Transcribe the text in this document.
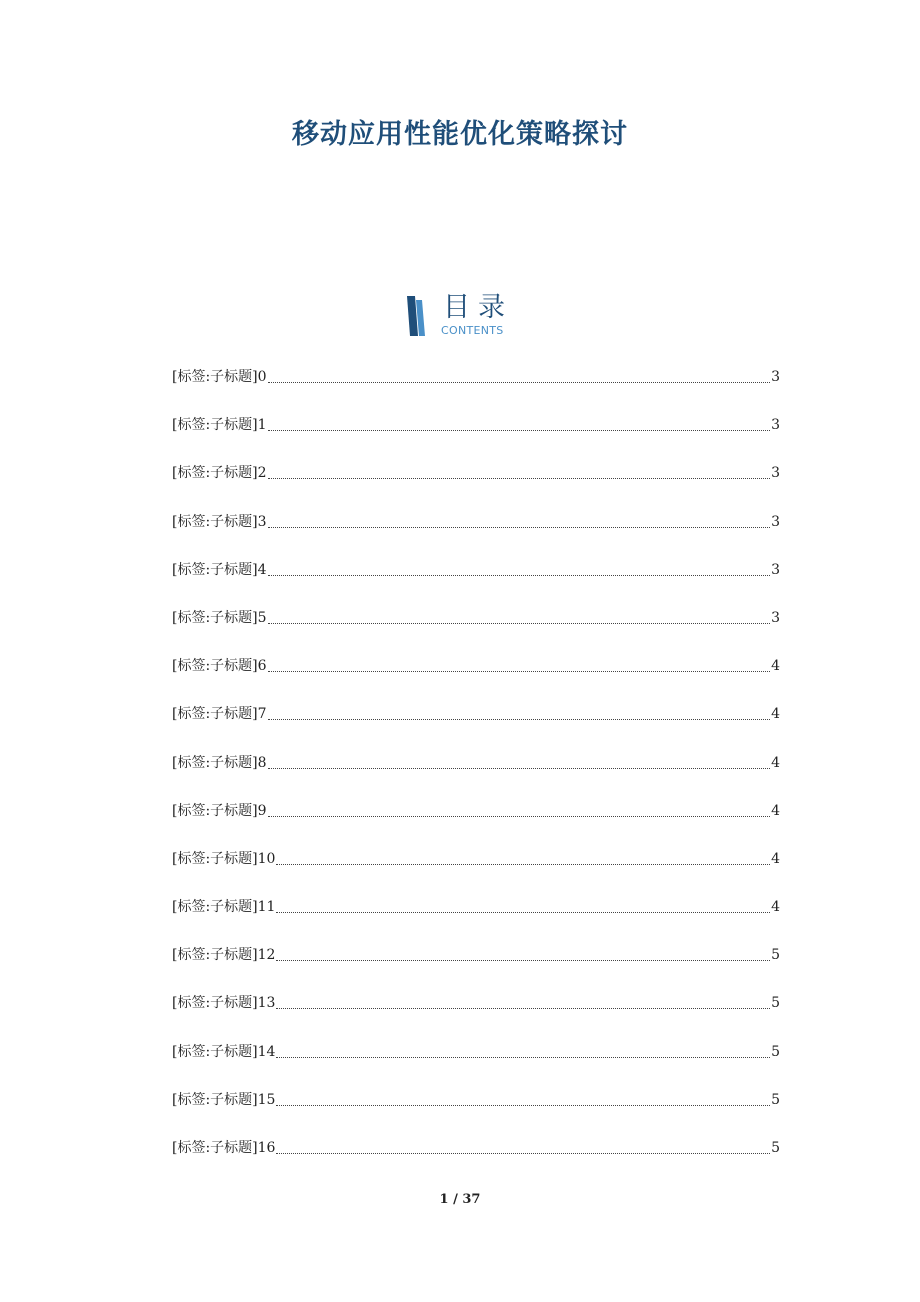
移动应用性能优化策略探讨
目录
CONTENTS
[标签:子标题]0	3
[标签:子标题]1	3
[标签:子标题]2	3
[标签:子标题]3	3
[标签:子标题]4	3
[标签:子标题]5	3
[标签:子标题]6	4
[标签:子标题]7	4
[标签:子标题]8	4
[标签:子标题]9	4
[标签:子标题]10	4
[标签:子标题]11	4
[标签:子标题]12	5
[标签:子标题]13	5
[标签:子标题]14	5
[标签:子标题]15	5
[标签:子标题]16	5
1 / 37
